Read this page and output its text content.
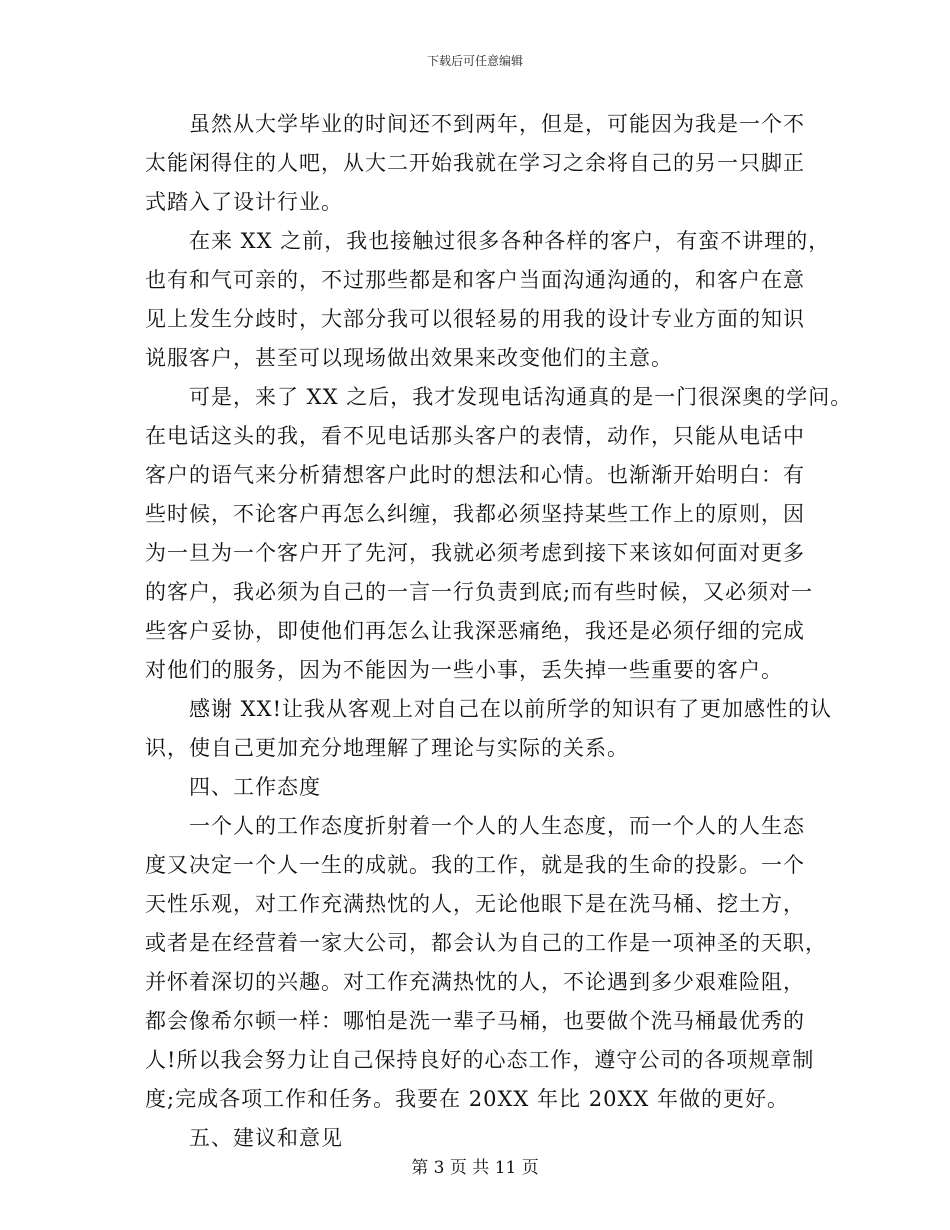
下载后可任意编辑
虽然从大学毕业的时间还不到两年，但是，可能因为我是一个不
太能闲得住的人吧，从大二开始我就在学习之余将自己的另一只脚正
式踏入了设计行业。
在来 XX 之前，我也接触过很多各种各样的客户，有蛮不讲理的，
也有和气可亲的，不过那些都是和客户当面沟通沟通的，和客户在意
见上发生分歧时，大部分我可以很轻易的用我的设计专业方面的知识
说服客户，甚至可以现场做出效果来改变他们的主意。
可是，来了 XX 之后，我才发现电话沟通真的是一门很深奥的学问。
在电话这头的我，看不见电话那头客户的表情，动作，只能从电话中
客户的语气来分析猜想客户此时的想法和心情。也渐渐开始明白：有
些时候，不论客户再怎么纠缠，我都必须坚持某些工作上的原则，因
为一旦为一个客户开了先河，我就必须考虑到接下来该如何面对更多
的客户，我必须为自己的一言一行负责到底;而有些时候，又必须对一
些客户妥协，即使他们再怎么让我深恶痛绝，我还是必须仔细的完成
对他们的服务，因为不能因为一些小事，丢失掉一些重要的客户。
感谢 XX!让我从客观上对自己在以前所学的知识有了更加感性的认
识，使自己更加充分地理解了理论与实际的关系。
四、工作态度
一个人的工作态度折射着一个人的人生态度，而一个人的人生态
度又决定一个人一生的成就。我的工作，就是我的生命的投影。一个
天性乐观，对工作充满热忱的人，无论他眼下是在洗马桶、挖土方，
或者是在经营着一家大公司，都会认为自己的工作是一项神圣的天职，
并怀着深切的兴趣。对工作充满热忱的人，不论遇到多少艰难险阻，
都会像希尔顿一样：哪怕是洗一辈子马桶，也要做个洗马桶最优秀的
人!所以我会努力让自己保持良好的心态工作，遵守公司的各项规章制
度;完成各项工作和任务。我要在 20XX 年比 20XX 年做的更好。
五、建议和意见
第 3 页 共 11 页
